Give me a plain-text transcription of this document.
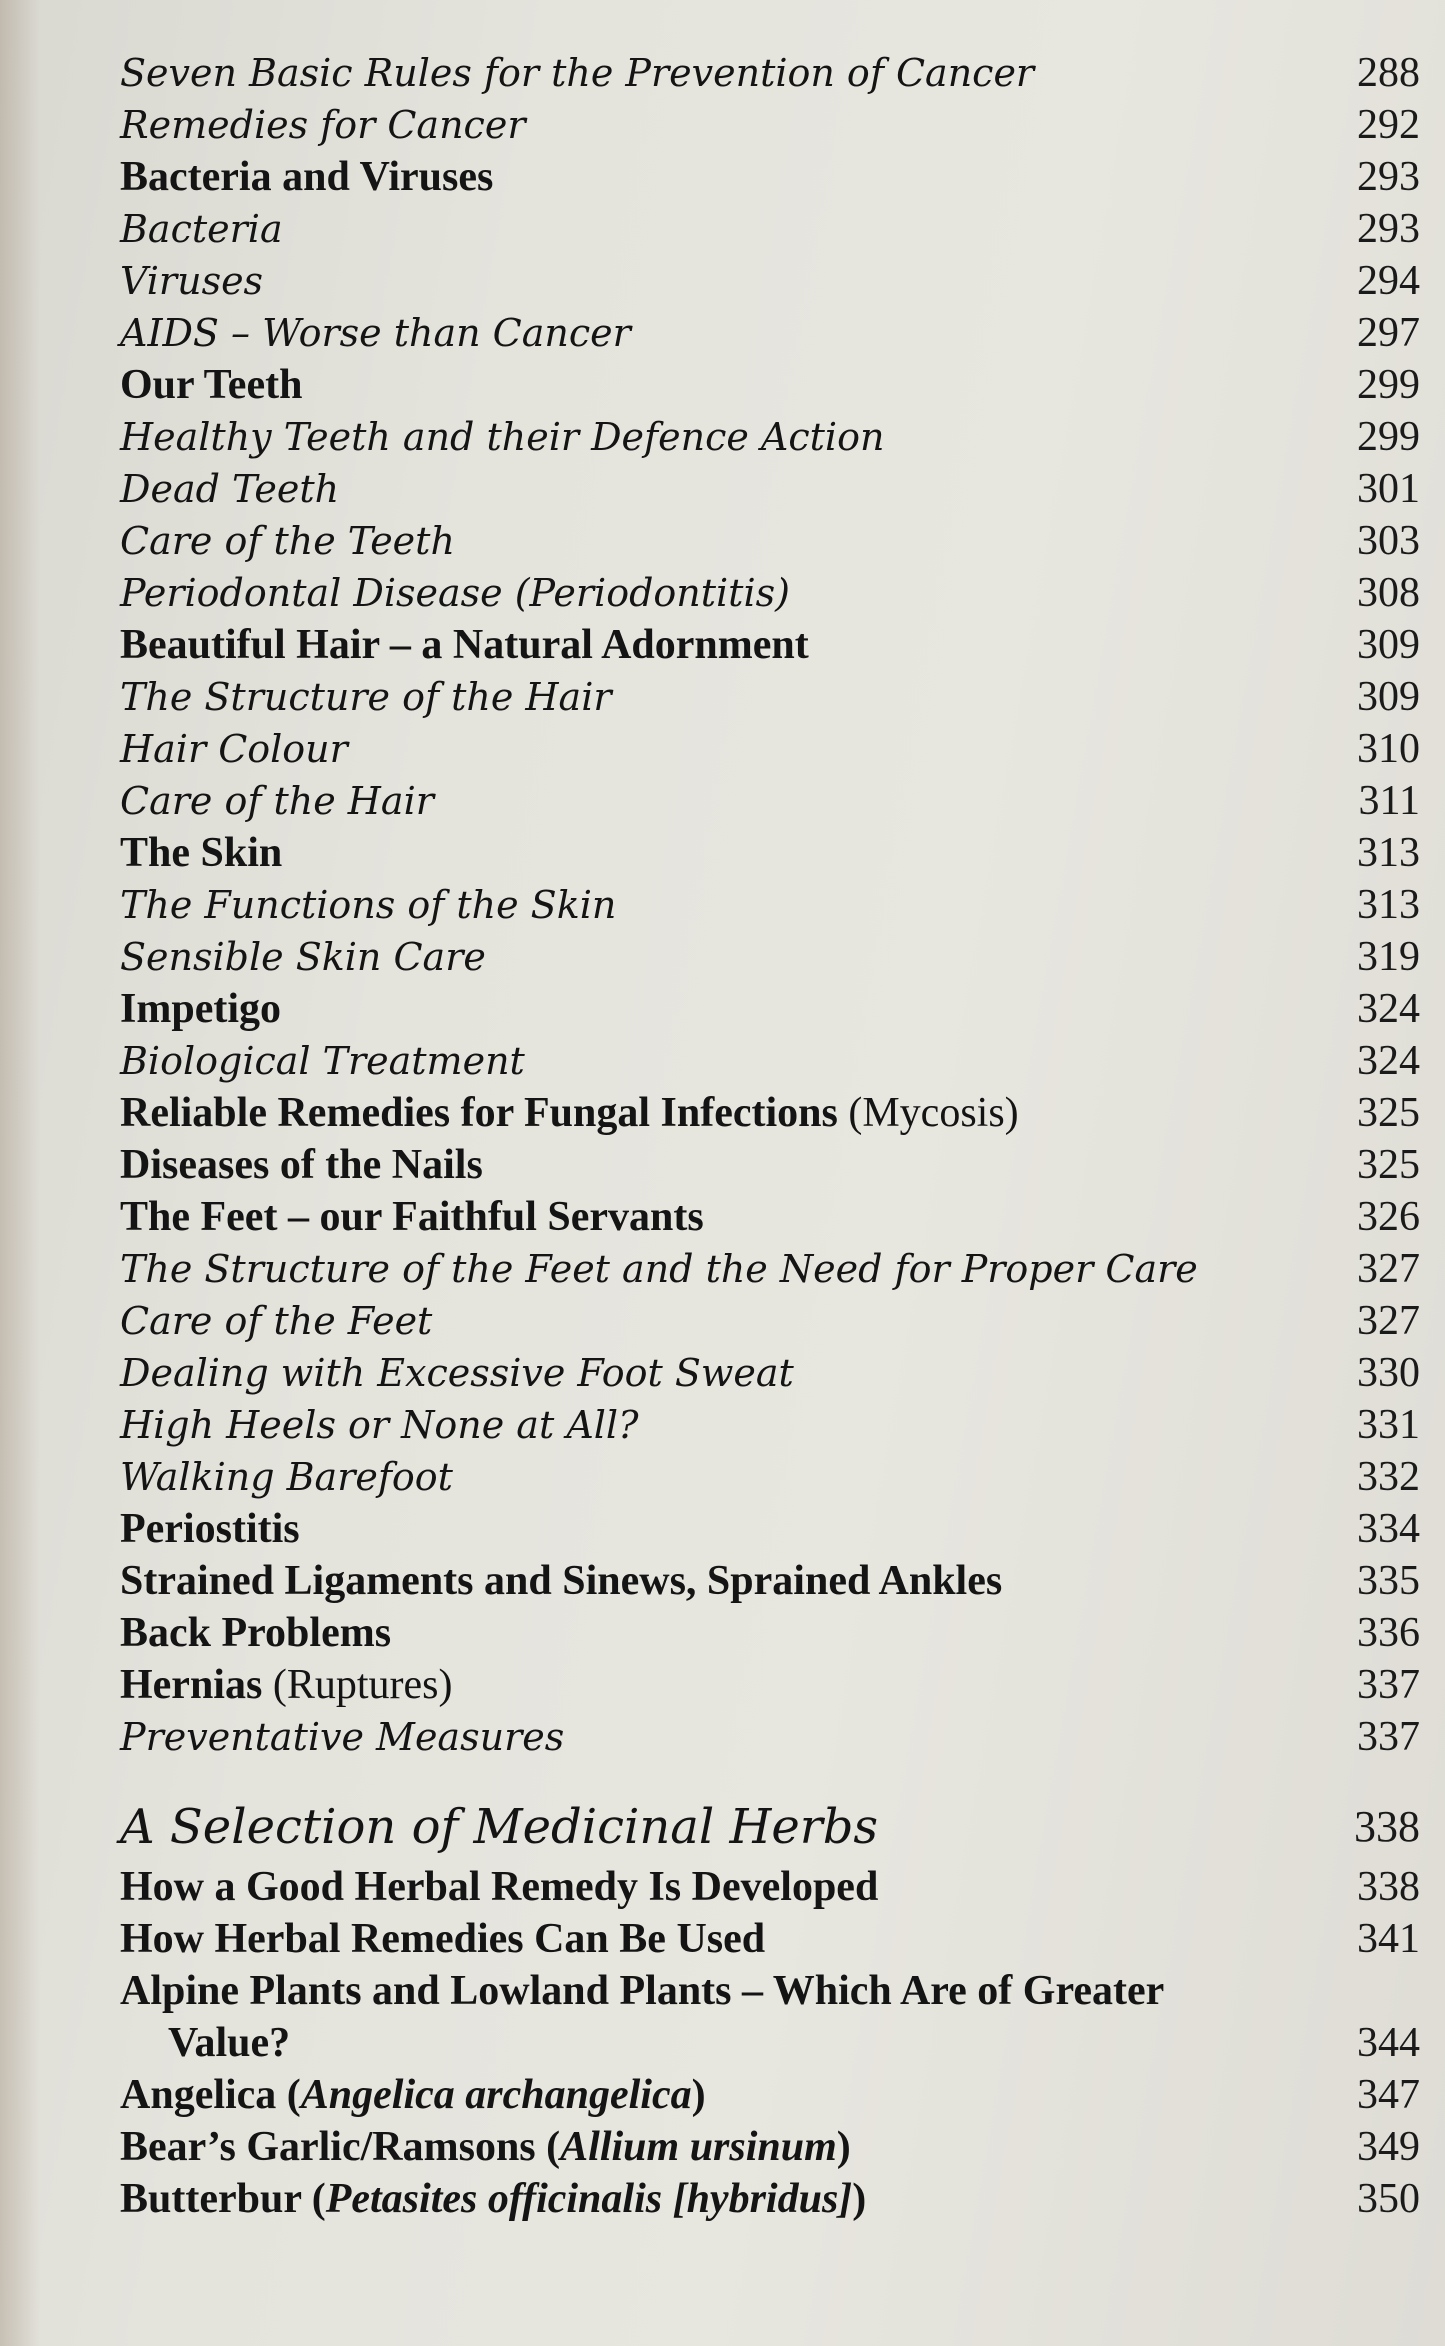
Seven Basic Rules for the Prevention of Cancer	288
Remedies for Cancer	292
Bacteria and Viruses	293
Bacteria	293
Viruses	294
AIDS – Worse than Cancer	297
Our Teeth	299
Healthy Teeth and their Defence Action	299
Dead Teeth	301
Care of the Teeth	303
Periodontal Disease (Periodontitis)	308
Beautiful Hair – a Natural Adornment	309
The Structure of the Hair	309
Hair Colour	310
Care of the Hair	311
The Skin	313
The Functions of the Skin	313
Sensible Skin Care	319
Impetigo	324
Biological Treatment	324
Reliable Remedies for Fungal Infections (Mycosis)	325
Diseases of the Nails	325
The Feet – our Faithful Servants	326
The Structure of the Feet and the Need for Proper Care	327
Care of the Feet	327
Dealing with Excessive Foot Sweat	330
High Heels or None at All?	331
Walking Barefoot	332
Periostitis	334
Strained Ligaments and Sinews, Sprained Ankles	335
Back Problems	336
Hernias (Ruptures)	337
Preventative Measures	337
A Selection of Medicinal Herbs	338
How a Good Herbal Remedy Is Developed	338
How Herbal Remedies Can Be Used	341
Alpine Plants and Lowland Plants – Which Are of Greater
Value?	344
Angelica (Angelica archangelica)	347
Bear’s Garlic/Ramsons (Allium ursinum)	349
Butterbur (Petasites officinalis [hybridus])	350
